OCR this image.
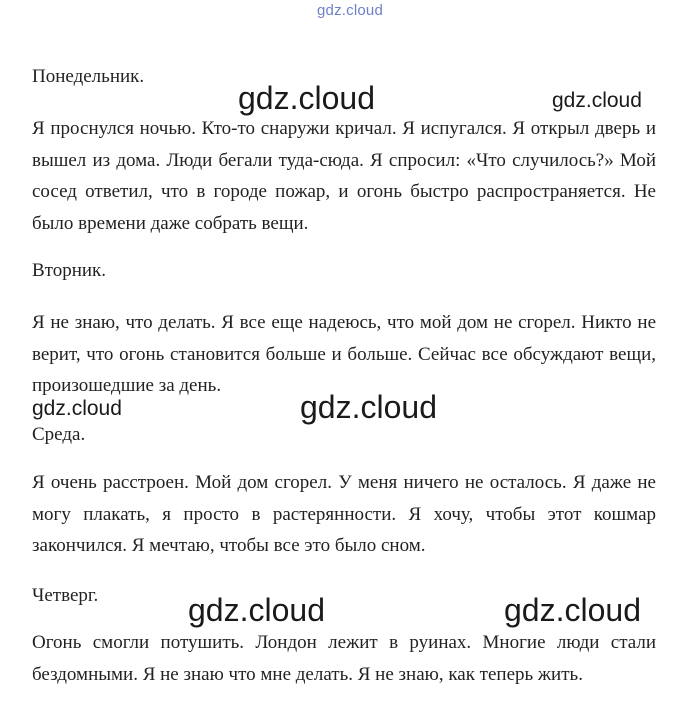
gdz.cloud
Понедельник.

Я проснулся ночью. Кто-то снаружи кричал. Я испугался. Я открыл дверь и вышел из дома. Люди бегали туда-сюда. Я спросил: «Что случилось?» Мой сосед ответил, что в городе пожар, и огонь быстро распространяется. Не было времени даже собрать вещи.

Вторник.

Я не знаю, что делать. Я все еще надеюсь, что мой дом не сгорел. Никто не верит, что огонь становится больше и больше. Сейчас все обсуждают вещи, произошедшие за день.

Среда.

Я очень расстроен. Мой дом сгорел. У меня ничего не осталось. Я даже не могу плакать, я просто в растерянности. Я хочу, чтобы этот кошмар закончился. Я мечтаю, чтобы все это было сном.

Четверг.

Огонь смогли потушить. Лондон лежит в руинах. Многие люди стали бездомными. Я не знаю что мне делать. Я не знаю, как теперь жить.

gdz.cloud	gdz.cloud
gdz.cloud	gdz.cloud
gdz.cloud	gdz.cloud
